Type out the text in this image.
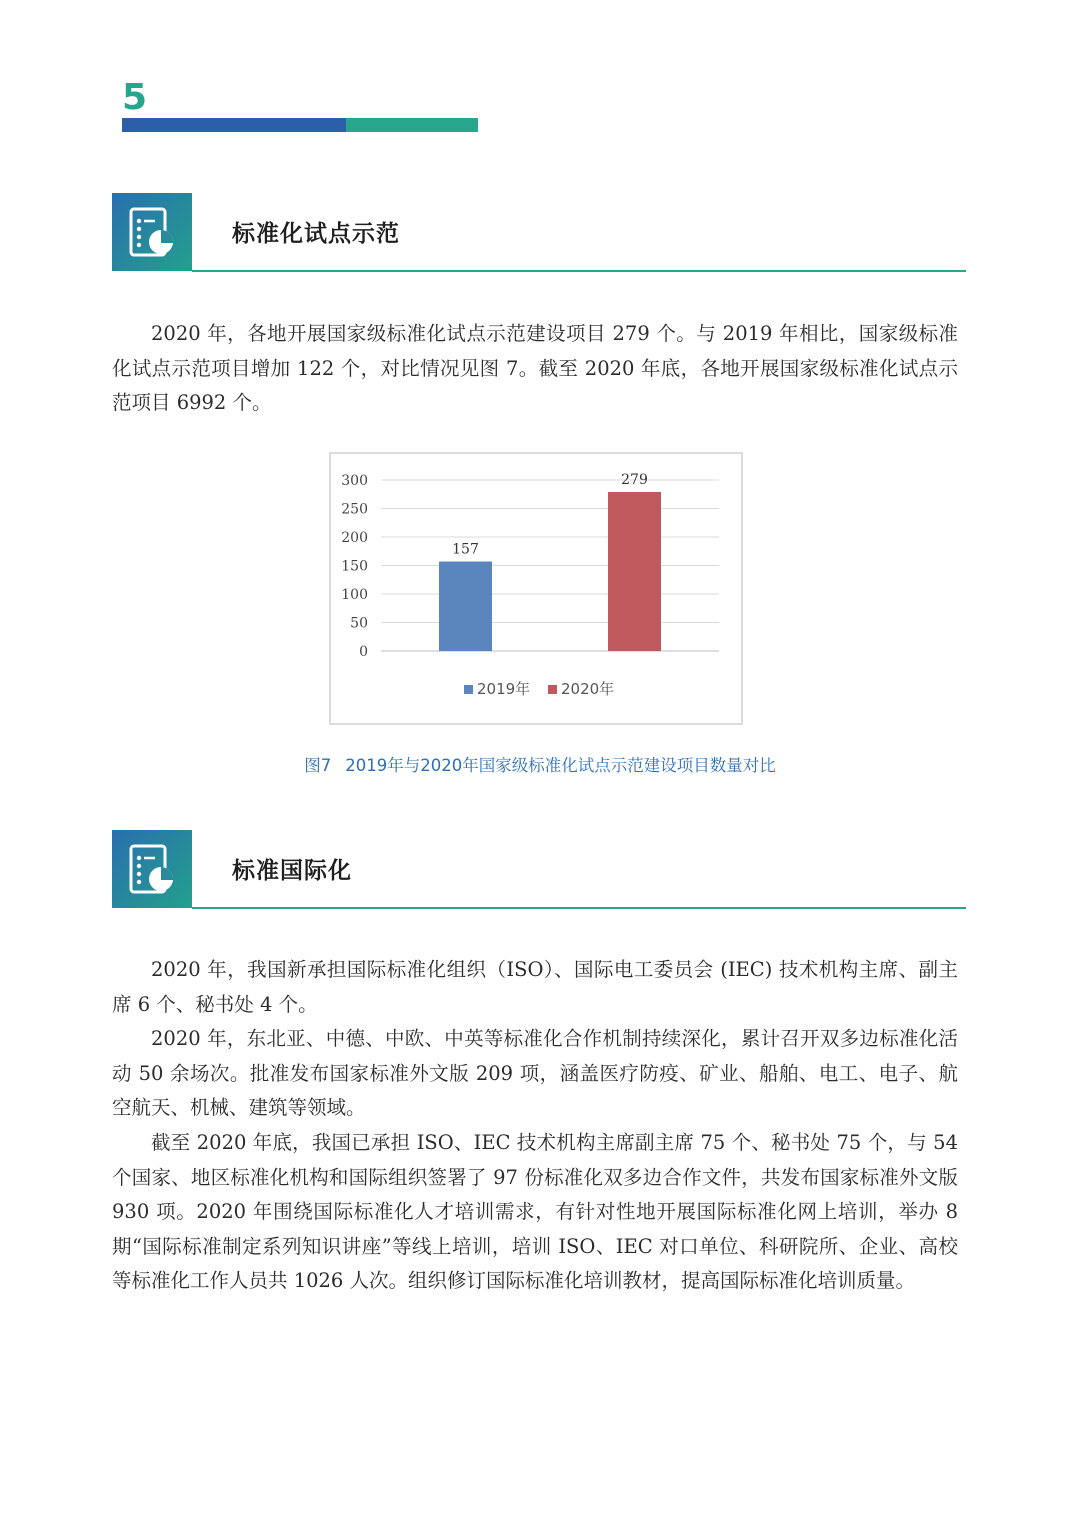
5
标准化试点示范

2020 年，各地开展国家级标准化试点示范建设项目 279 个。与 2019 年相比，国家级标准化试点示范项目增加 122 个，对比情况见图 7。截至 2020 年底，各地开展国家级标准化试点示范项目 6992 个。

0
50
100
150
200
250
300
157
279
2019年 2020年
图7 2019年与2020年国家级标准化试点示范建设项目数量对比
标准国际化

2020 年，我国新承担国际标准化组织（ISO）、国际电工委员会 (IEC) 技术机构主席、副主席 6 个、秘书处 4 个。

2020 年，东北亚、中德、中欧、中英等标准化合作机制持续深化，累计召开双多边标准化活动 50 余场次。批准发布国家标准外文版 209 项，涵盖医疗防疫、矿业、船舶、电工、电子、航空航天、机械、建筑等领域。

截至 2020 年底，我国已承担 ISO、IEC 技术机构主席副主席 75 个、秘书处 75 个，与 54 个国家、地区标准化机构和国际组织签署了 97 份标准化双多边合作文件，共发布国家标准外文版 930 项。2020 年围绕国际标准化人才培训需求，有针对性地开展国际标准化网上培训，举办 8 期“国际标准制定系列知识讲座”等线上培训，培训 ISO、IEC 对口单位、科研院所、企业、高校等标准化工作人员共 1026 人次。组织修订国际标准化培训教材，提高国际标准化培训质量。
